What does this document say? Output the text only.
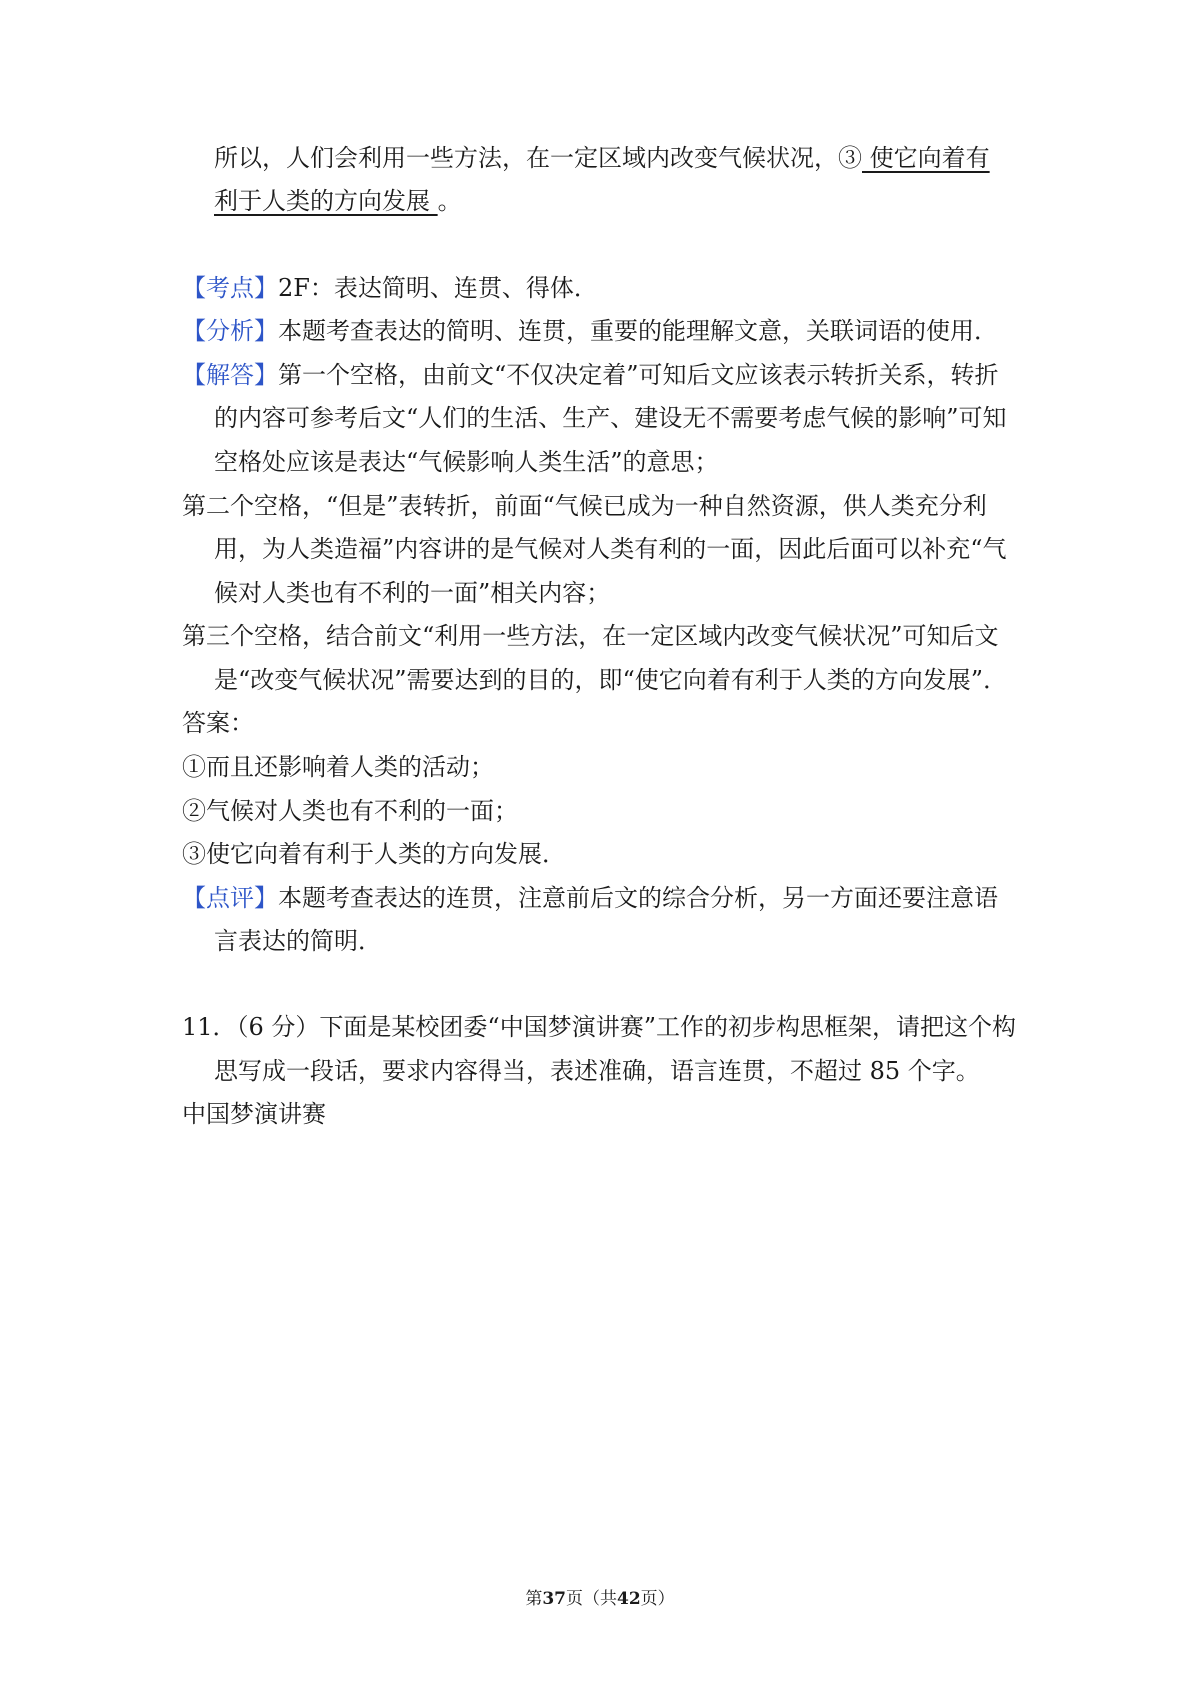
所以，人们会利用一些方法，在一定区域内改变气候状况，③ 使它向着有
利于人类的方向发展 。
【考点】2F：表达简明、连贯、得体．
【分析】本题考查表达的简明、连贯，重要的能理解文意，关联词语的使用．
【解答】第一个空格，由前文“不仅决定着”可知后文应该表示转折关系，转折
的内容可参考后文“人们的生活、生产、建设无不需要考虑气候的影响”可知
空格处应该是表达“气候影响人类生活”的意思；
第二个空格，“但是”表转折，前面“气候已成为一种自然资源，供人类充分利
用，为人类造福”内容讲的是气候对人类有利的一面，因此后面可以补充“气
候对人类也有不利的一面”相关内容；
第三个空格，结合前文“利用一些方法，在一定区域内改变气候状况”可知后文
是“改变气候状况”需要达到的目的，即“使它向着有利于人类的方向发展”．
答案：
①而且还影响着人类的活动；
②气候对人类也有不利的一面；
③使它向着有利于人类的方向发展．
【点评】本题考查表达的连贯，注意前后文的综合分析，另一方面还要注意语
言表达的简明．
11．（6 分）下面是某校团委“中国梦演讲赛”工作的初步构思框架，请把这个构
思写成一段话，要求内容得当，表述准确，语言连贯，不超过 85 个字。
中国梦演讲赛
第37页（共42页）
